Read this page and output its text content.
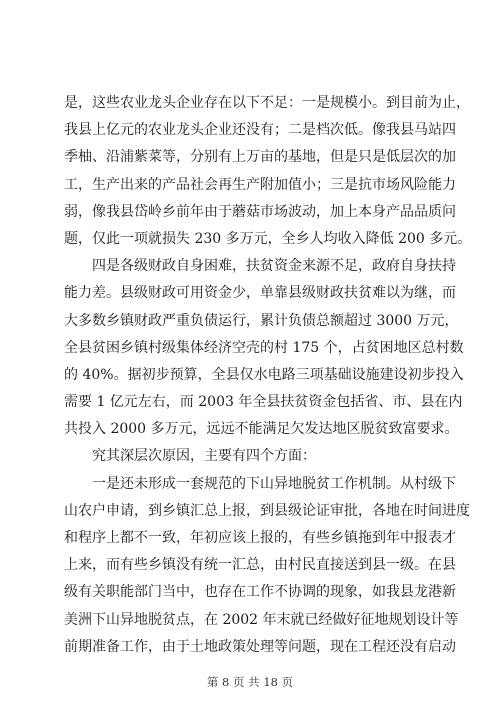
是，这些农业龙头企业存在以下不足：一是规模小。到目前为止，
我县上亿元的农业龙头企业还没有；二是档次低。像我县马站四
季柚、沿浦紫菜等，分别有上万亩的基地，但是只是低层次的加
工，生产出来的产品社会再生产附加值小；三是抗市场风险能力
弱，像我县岱岭乡前年由于蘑菇市场波动，加上本身产品品质问
题，仅此一项就损失 230 多万元，全乡人均收入降低 200 多元。
　　四是各级财政自身困难，扶贫资金来源不足，政府自身扶持
能力差。县级财政可用资金少，单靠县级财政扶贫难以为继，而
大多数乡镇财政严重负债运行，累计负债总额超过 3000 万元，
全县贫困乡镇村级集体经济空壳的村 175 个，占贫困地区总村数
的 40%。据初步预算，全县仅水电路三项基础设施建设初步投入
需要 1 亿元左右，而 2003 年全县扶贫资金包括省、市、县在内
共投入 2000 多万元，远远不能满足欠发达地区脱贫致富要求。
　　究其深层次原因，主要有四个方面：
　　一是还未形成一套规范的下山异地脱贫工作机制。从村级下
山农户申请，到乡镇汇总上报，到县级论证审批，各地在时间进度
和程序上都不一致，年初应该上报的，有些乡镇拖到年中报表才
上来，而有些乡镇没有统一汇总，由村民直接送到县一级。在县
级有关职能部门当中，也存在工作不协调的现象，如我县龙港新
美洲下山异地脱贫点，在 2002 年末就已经做好征地规划设计等
前期准备工作，由于土地政策处理等问题，现在工程还没有启动
第 8 页 共 18 页
